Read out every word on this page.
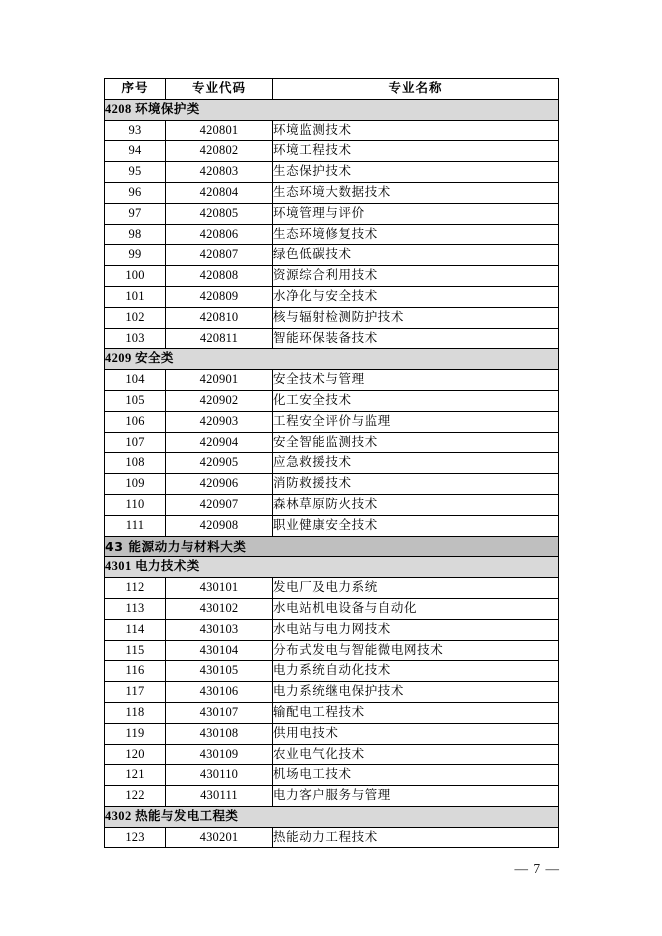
序号	专业代码	专业名称
4208 环境保护类		
93	420801	环境监测技术
94	420802	环境工程技术
95	420803	生态保护技术
96	420804	生态环境大数据技术
97	420805	环境管理与评价
98	420806	生态环境修复技术
99	420807	绿色低碳技术
100	420808	资源综合利用技术
101	420809	水净化与安全技术
102	420810	核与辐射检测防护技术
103	420811	智能环保装备技术
4209 安全类		
104	420901	安全技术与管理
105	420902	化工安全技术
106	420903	工程安全评价与监理
107	420904	安全智能监测技术
108	420905	应急救援技术
109	420906	消防救援技术
110	420907	森林草原防火技术
111	420908	职业健康安全技术
43 能源动力与材料大类		
4301 电力技术类		
112	430101	发电厂及电力系统
113	430102	水电站机电设备与自动化
114	430103	水电站与电力网技术
115	430104	分布式发电与智能微电网技术
116	430105	电力系统自动化技术
117	430106	电力系统继电保护技术
118	430107	输配电工程技术
119	430108	供用电技术
120	430109	农业电气化技术
121	430110	机场电工技术
122	430111	电力客户服务与管理
4302 热能与发电工程类		
123	430201	热能动力工程技术
— 7 —
